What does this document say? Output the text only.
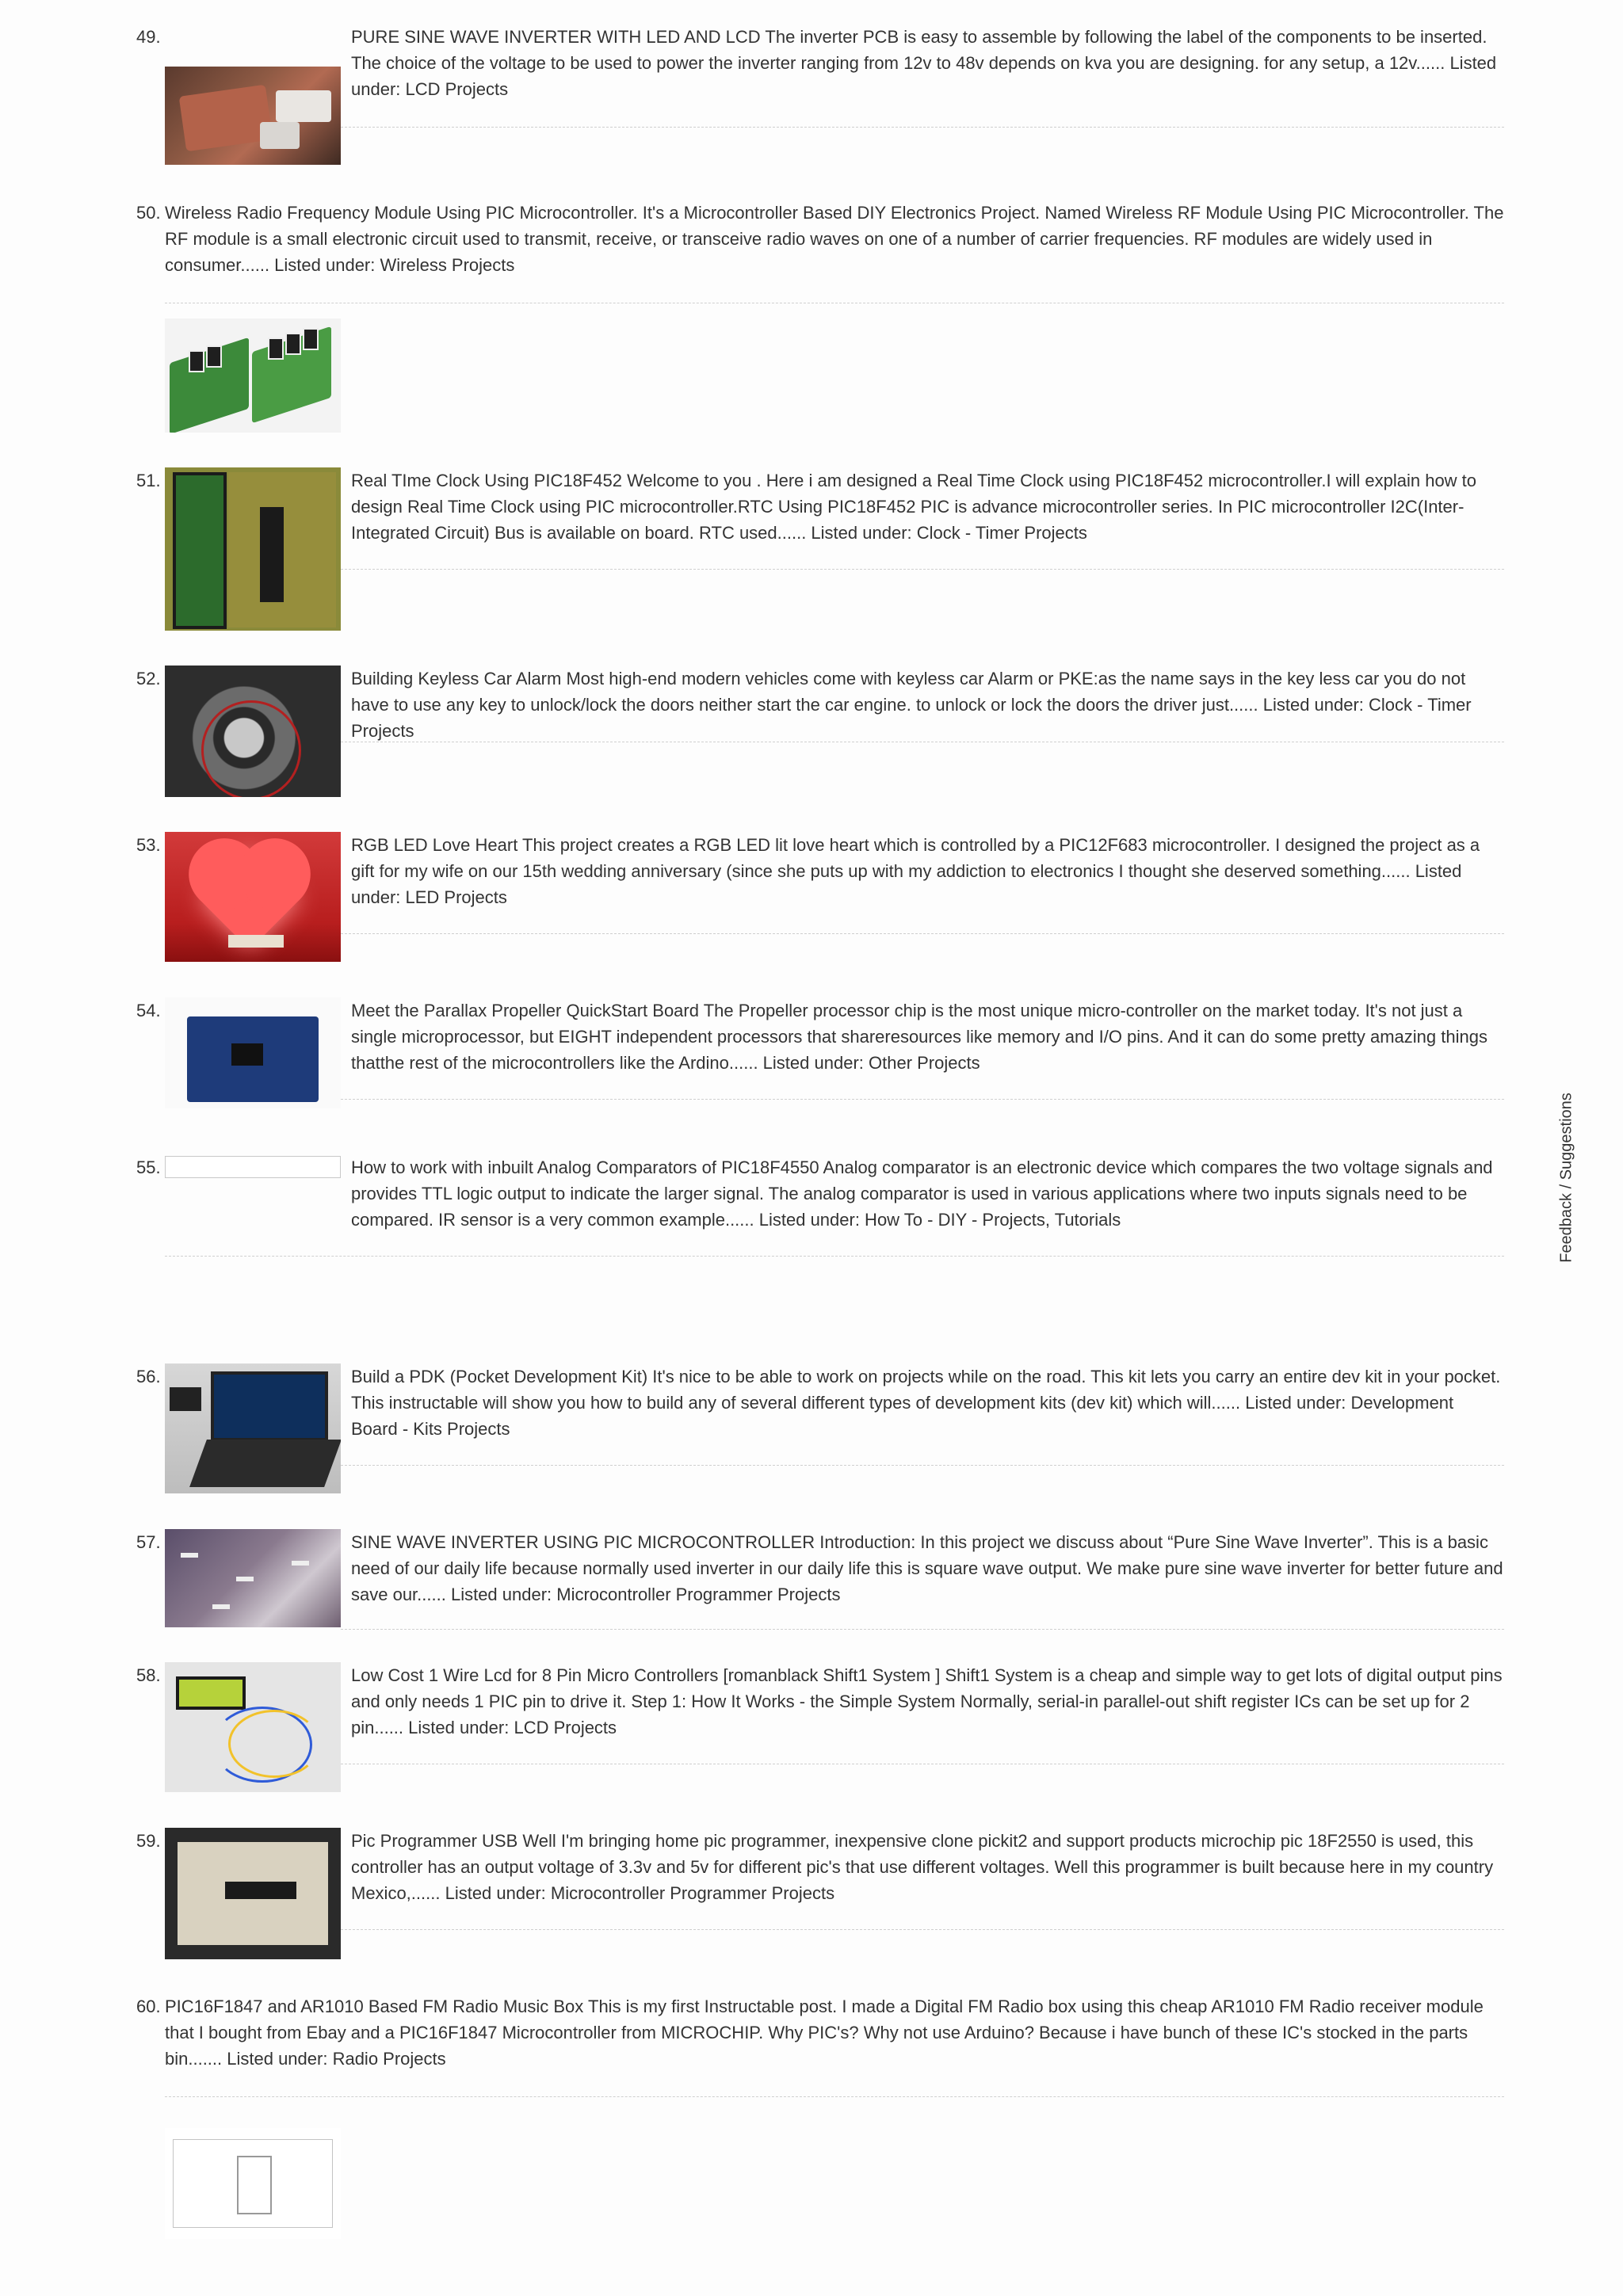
49.	PURE SINE WAVE INVERTER WITH LED AND LCD The inverter PCB is easy to assemble by following the label of the components to be inserted. The choice of the voltage to be used to power the inverter ranging from 12v to 48v depends on kva you are designing. for any setup, a 12v...... Listed under: LCD Projects

50. Wireless Radio Frequency Module Using PIC Microcontroller. It's a Microcontroller Based DIY Electronics Project. Named Wireless RF Module Using PIC Microcontroller. The RF module is a small electronic circuit used to transmit, receive, or transceive radio waves on one of a number of carrier frequencies. RF modules are widely used in consumer...... Listed under: Wireless Projects

51.	Real TIme Clock Using PIC18F452 Welcome to you . Here i am designed a Real Time Clock using PIC18F452 microcontroller.I will explain how to design Real Time Clock using PIC microcontroller.RTC Using PIC18F452 PIC is advance microcontroller series. In PIC microcontroller I2C(Inter-Integrated Circuit) Bus is available on board. RTC used...... Listed under: Clock - Timer Projects

52.	Building Keyless Car Alarm Most high-end modern vehicles come with keyless car Alarm or PKE:as the name says in the key less car you do not have to use any key to unlock/lock the doors neither start the car engine. to unlock or lock the doors the driver just...... Listed under: Clock - Timer Projects

53.	RGB LED Love Heart This project creates a RGB LED lit love heart which is controlled by a PIC12F683 microcontroller. I designed the project as a gift for my wife on our 15th wedding anniversary (since she puts up with my addiction to electronics I thought she deserved something...... Listed under: LED Projects

54.	Meet the Parallax Propeller QuickStart Board The Propeller processor chip is the most unique micro-controller on the market today. It's not just a single microprocessor, but EIGHT independent processors that shareresources like memory and I/O pins. And it can do some pretty amazing things thatthe rest of the microcontrollers like the Ardino...... Listed under: Other Projects

55.	How to work with inbuilt Analog Comparators of PIC18F4550 Analog comparator is an electronic device which compares the two voltage signals and provides TTL logic output to indicate the larger signal. The analog comparator is used in various applications where two inputs signals need to be compared. IR sensor is a very common example...... Listed under: How To - DIY - Projects, Tutorials

56.	Build a PDK (Pocket Development Kit) It's nice to be able to work on projects while on the road. This kit lets you carry an entire dev kit in your pocket. This instructable will show you how to build any of several different types of development kits (dev kit) which will...... Listed under: Development Board - Kits Projects

57.	SINE WAVE INVERTER USING PIC MICROCONTROLLER Introduction: In this project we discuss about “Pure Sine Wave Inverter”. This is a basic need of our daily life because normally used inverter in our daily life this is square wave output. We make pure sine wave inverter for better future and save our...... Listed under: Microcontroller Programmer Projects

58.	Low Cost 1 Wire Lcd for 8 Pin Micro Controllers [romanblack Shift1 System ] Shift1 System is a cheap and simple way to get lots of digital output pins and only needs 1 PIC pin to drive it. Step 1: How It Works - the Simple System Normally, serial-in parallel-out shift register ICs can be set up for 2 pin...... Listed under: LCD Projects

59.	Pic Programmer USB Well I'm bringing home pic programmer, inexpensive clone pickit2 and support products microchip pic 18F2550 is used, this controller has an output voltage of 3.3v and 5v for different pic's that use different voltages. Well this programmer is built because here in my country Mexico,...... Listed under: Microcontroller Programmer Projects

60. PIC16F1847 and AR1010 Based FM Radio Music Box This is my first Instructable post. I made a Digital FM Radio box using this cheap AR1010 FM Radio receiver module that I bought from Ebay and a PIC16F1847 Microcontroller from MICROCHIP. Why PIC's? Why not use Arduino? Because i have bunch of these IC's stocked in the parts bin....... Listed under: Radio Projects

Feedback / Suggestions
